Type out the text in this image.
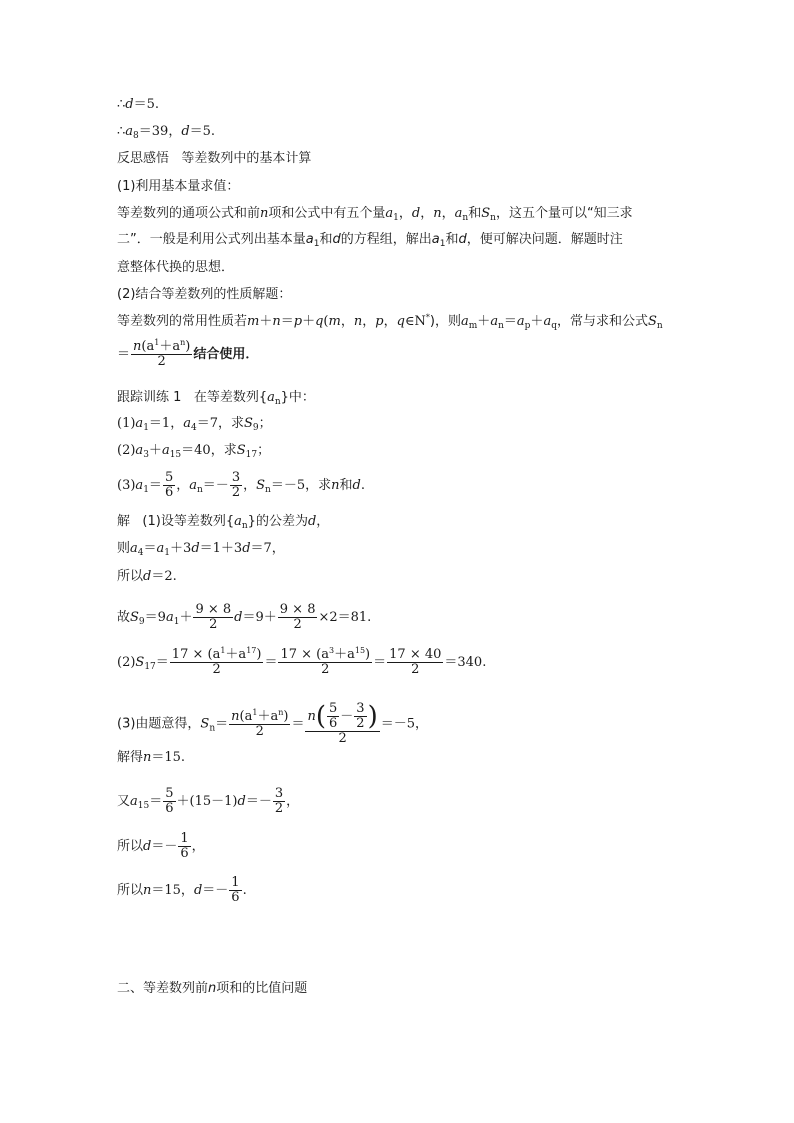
∴d＝5.
$\therefore a_8=39$，d＝5.
反思感悟 等差数列中的基本计算
(1)利用基本量求值：
等差数列的通项公式和前n项和公式中有五个量$a_1$，d，n，$a_n$和$S_n$，这五个量可以“知三求
二”．一般是利用公式列出基本量$a_1$和d的方程组，解出$a_1$和d，便可解决问题．解题时注
意整体代换的思想．
(2)结合等差数列的性质解题：
等差数列的常用性质若m＋n＝p＋q(m，n，p，q∈N*)，则$a_m+a_n=a_p+a_q$，常与求和公式$S_n$
＝ $\frac{n(a^1+a^n)}{2}$ 结合使用．
跟踪训练 1 在等差数列$\{a_n\}$中：
$(1)a_1=1$，$a_4=7$，求$S_9$；
$(2)a_3+a_{15}=40$，求$S_{17}$；
$(3)a_1= \frac{5}{6}$ ，$a_n=- \frac{3}{2}$ ，$S_n=-5$，求n和d.
解 (1)设等差数列$\{a_n\}$的公差为d，
则$a_4=a_1+3d=1+3d=7$，
所以d＝2.
故$S_9=9a_1+ \frac{9 \times 8}{2} d=9+ \frac{9 \times 8}{2} \times 2=81$.
$(2)S_{17}= \frac{17 \times (a^1+a^{17})}{2} = \frac{17 \times (a^3+a^{15})}{2} = \frac{17 \times 40}{2} =340$.
(3)由题意得，$S_n= \frac{n(a^1+a^n)}{2} = \frac{n( \frac{5}{6} - \frac{3}{2} )}{2} =-5$，
解得n＝15.
又$a_{15}= \frac{5}{6} +(15-1)d=- \frac{3}{2}$ ，
所以$d=- \frac{1}{6}$ ，
所以n＝15，$d=- \frac{1}{6}$ .
二、等差数列前n项和的比值问题
